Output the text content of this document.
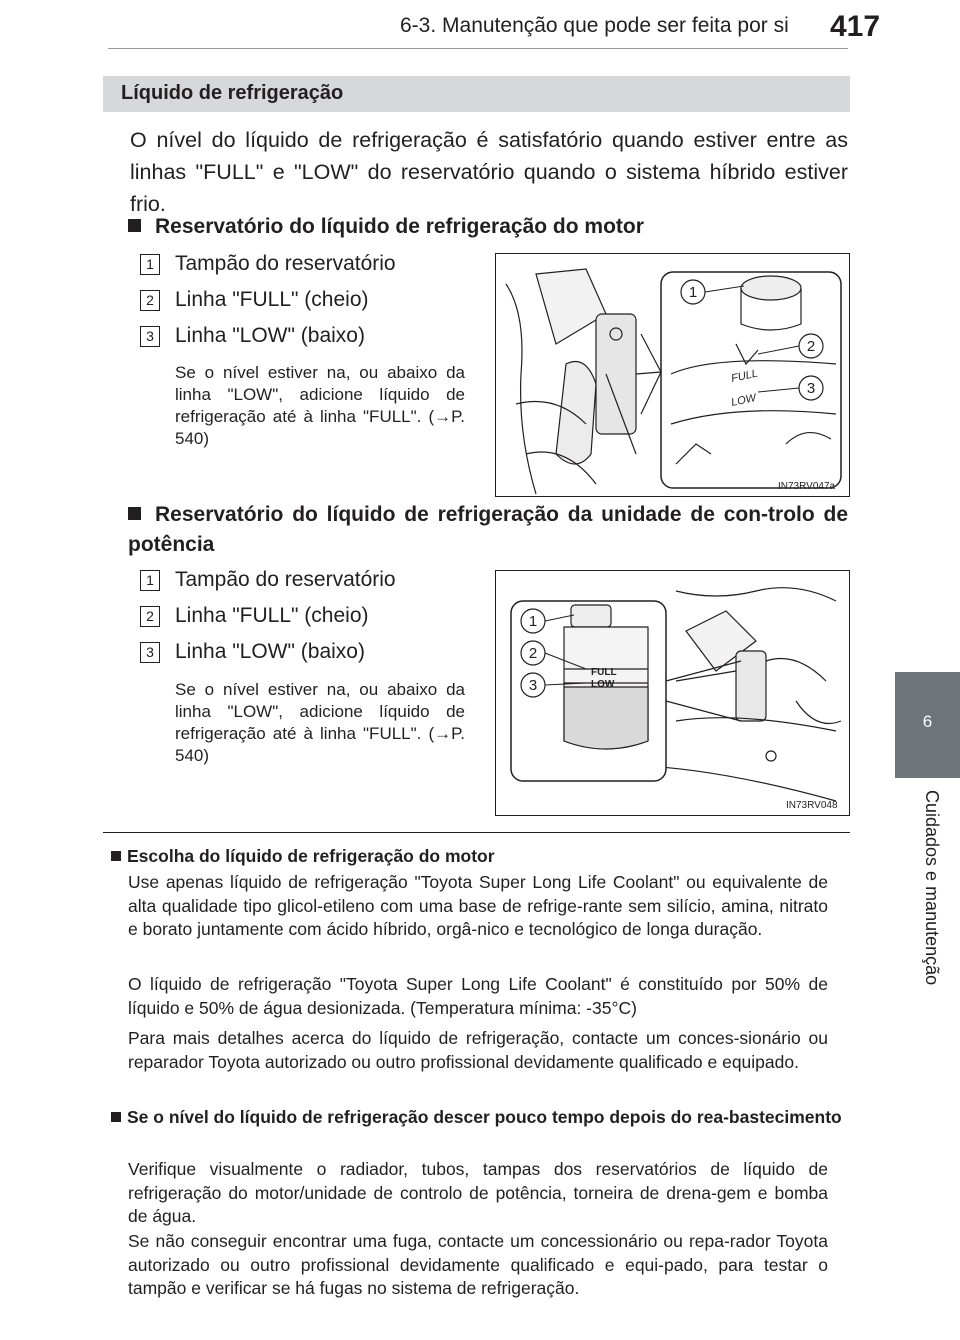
6-3. Manutenção que pode ser feita por si 417
6
Cuidados e manutenção
Líquido de refrigeração
O nível do líquido de refrigeração é satisfatório quando estiver entre as linhas "FULL" e "LOW" do reservatório quando o sistema híbrido estiver frio.
Reservatório do líquido de refrigeração do motor
1 Tampão do reservatório
2 Linha "FULL" (cheio)
3 Linha "LOW" (baixo)
Se o nível estiver na, ou abaixo da linha "LOW", adicione líquido de refrigeração até à linha "FULL". (→P. 540)
FULL
LOW
1
2
3
IN73RV047a
Reservatório do líquido de refrigeração da unidade de con-trolo de potência
1 Tampão do reservatório
2 Linha "FULL" (cheio)
3 Linha "LOW" (baixo)
Se o nível estiver na, ou abaixo da linha "LOW", adicione líquido de refrigeração até à linha "FULL". (→P. 540)
FULL
LOW
1
2
3
IN73RV048
Escolha do líquido de refrigeração do motor
Use apenas líquido de refrigeração "Toyota Super Long Life Coolant" ou equivalente de alta qualidade tipo glicol-etileno com uma base de refrige-rante sem silício, amina, nitrato e borato juntamente com ácido híbrido, orgâ-nico e tecnológico de longa duração.
O líquido de refrigeração "Toyota Super Long Life Coolant" é constituído por 50% de líquido e 50% de água desionizada. (Temperatura mínima: -35°C)
Para mais detalhes acerca do líquido de refrigeração, contacte um conces-sionário ou reparador Toyota autorizado ou outro profissional devidamente qualificado e equipado.
Se o nível do líquido de refrigeração descer pouco tempo depois do rea-bastecimento
Verifique visualmente o radiador, tubos, tampas dos reservatórios de líquido de refrigeração do motor/unidade de controlo de potência, torneira de drena-gem e bomba de água.
Se não conseguir encontrar uma fuga, contacte um concessionário ou repa-rador Toyota autorizado ou outro profissional devidamente qualificado e equi-pado, para testar o tampão e verificar se há fugas no sistema de refrigeração.
